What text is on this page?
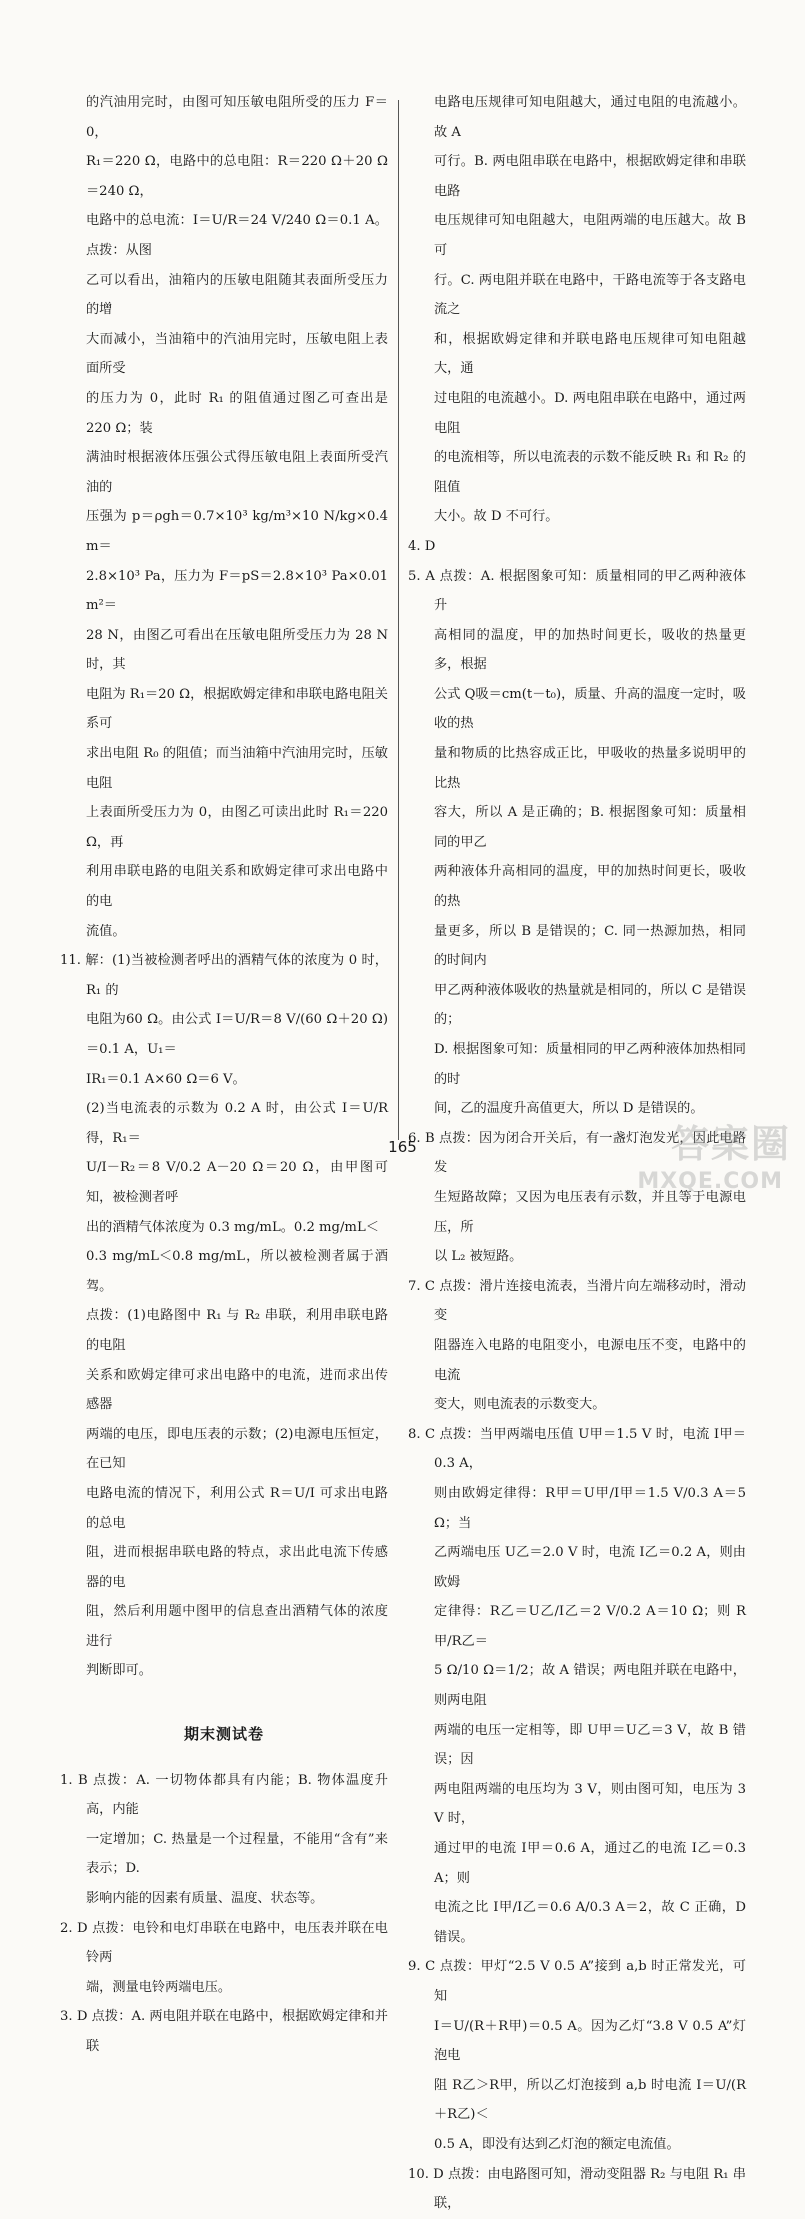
的汽油用完时，由图可知压敏电阻所受的压力 F＝0，

R₁＝220 Ω，电路中的总电阻：R＝220 Ω＋20 Ω＝240 Ω，

电路中的总电流：I＝U/R＝24 V/240 Ω＝0.1 A。 点拨：从图

乙可以看出，油箱内的压敏电阻随其表面所受压力的增

大而减小，当油箱中的汽油用完时，压敏电阻上表面所受

的压力为 0，此时 R₁ 的阻值通过图乙可查出是 220 Ω；装

满油时根据液体压强公式得压敏电阻上表面所受汽油的

压强为 p＝ρgh＝0.7×10³ kg/m³×10 N/kg×0.4 m＝

2.8×10³ Pa，压力为 F＝pS＝2.8×10³ Pa×0.01 m²＝

28 N，由图乙可看出在压敏电阻所受压力为 28 N 时，其

电阻为 R₁＝20 Ω，根据欧姆定律和串联电路电阻关系可

求出电阻 R₀ 的阻值；而当油箱中汽油用完时，压敏电阻

上表面所受压力为 0，由图乙可读出此时 R₁＝220 Ω，再

利用串联电路的电阻关系和欧姆定律可求出电路中的电

流值。

11. 解：(1)当被检测者呼出的酒精气体的浓度为 0 时，R₁ 的

电阻为60 Ω。由公式 I＝U/R＝8 V/(60 Ω＋20 Ω)＝0.1 A，U₁＝

IR₁＝0.1 A×60 Ω＝6 V。

(2)当电流表的示数为 0.2 A 时，由公式 I＝U/R 得，R₁＝

U/I－R₂＝8 V/0.2 A－20 Ω＝20 Ω，由甲图可知，被检测者呼

出的酒精气体浓度为 0.3 mg/mL。0.2 mg/mL＜

0.3 mg/mL＜0.8 mg/mL，所以被检测者属于酒驾。

点拨：(1)电路图中 R₁ 与 R₂ 串联，利用串联电路的电阻

关系和欧姆定律可求出电路中的电流，进而求出传感器

两端的电压，即电压表的示数；(2)电源电压恒定，在已知

电路电流的情况下，利用公式 R＝U/I 可求出电路的总电

阻，进而根据串联电路的特点，求出此电流下传感器的电

阻，然后利用题中图甲的信息查出酒精气体的浓度进行

判断即可。

期末测试卷

1. B 点拨：A. 一切物体都具有内能；B. 物体温度升高，内能

一定增加；C. 热量是一个过程量，不能用“含有”来表示；D.

影响内能的因素有质量、温度、状态等。

2. D 点拨：电铃和电灯串联在电路中，电压表并联在电铃两

端，测量电铃两端电压。

3. D 点拨：A. 两电阻并联在电路中，根据欧姆定律和并联

电路电压规律可知电阻越大，通过电阻的电流越小。故 A

可行。B. 两电阻串联在电路中，根据欧姆定律和串联电路

电压规律可知电阻越大，电阻两端的电压越大。故 B 可

行。C. 两电阻并联在电路中，干路电流等于各支路电流之

和，根据欧姆定律和并联电路电压规律可知电阻越大，通

过电阻的电流越小。D. 两电阻串联在电路中，通过两电阻

的电流相等，所以电流表的示数不能反映 R₁ 和 R₂ 的阻值

大小。故 D 不可行。

4. D

5. A 点拨：A. 根据图象可知：质量相同的甲乙两种液体升

高相同的温度，甲的加热时间更长，吸收的热量更多，根据

公式 Q吸＝cm(t－t₀)，质量、升高的温度一定时，吸收的热

量和物质的比热容成正比，甲吸收的热量多说明甲的比热

容大，所以 A 是正确的；B. 根据图象可知：质量相同的甲乙

两种液体升高相同的温度，甲的加热时间更长，吸收的热

量更多，所以 B 是错误的；C. 同一热源加热，相同的时间内

甲乙两种液体吸收的热量就是相同的，所以 C 是错误的；

D. 根据图象可知：质量相同的甲乙两种液体加热相同的时

间，乙的温度升高值更大，所以 D 是错误的。

6. B 点拨：因为闭合开关后，有一盏灯泡发光，因此电路发

生短路故障；又因为电压表有示数，并且等于电源电压，所

以 L₂ 被短路。

7. C 点拨：滑片连接电流表，当滑片向左端移动时，滑动变

阻器连入电路的电阻变小，电源电压不变，电路中的电流

变大，则电流表的示数变大。

8. C 点拨：当甲两端电压值 U甲＝1.5 V 时，电流 I甲＝0.3 A，

则由欧姆定律得：R甲＝U甲/I甲＝1.5 V/0.3 A＝5 Ω；当

乙两端电压 U乙＝2.0 V 时，电流 I乙＝0.2 A，则由欧姆

定律得：R乙＝U乙/I乙＝2 V/0.2 A＝10 Ω；则 R甲/R乙＝

5 Ω/10 Ω＝1/2；故 A 错误；两电阻并联在电路中，则两电阻

两端的电压一定相等，即 U甲＝U乙＝3 V，故 B 错误；因

两电阻两端的电压均为 3 V，则由图可知，电压为 3 V 时，

通过甲的电流 I甲＝0.6 A，通过乙的电流 I乙＝0.3 A；则

电流之比 I甲/I乙＝0.6 A/0.3 A＝2，故 C 正确，D 错误。

9. C 点拨：甲灯“2.5 V 0.5 A”接到 a,b 时正常发光，可知

I＝U/(R＋R甲)＝0.5 A。因为乙灯“3.8 V 0.5 A”灯泡电

阻 R乙＞R甲，所以乙灯泡接到 a,b 时电流 I＝U/(R＋R乙)＜

0.5 A，即没有达到乙灯泡的额定电流值。

10. D 点拨：由电路图可知，滑动变阻器 R₂ 与电阻 R₁ 串联，

165	答案圈
MXQE.COM
